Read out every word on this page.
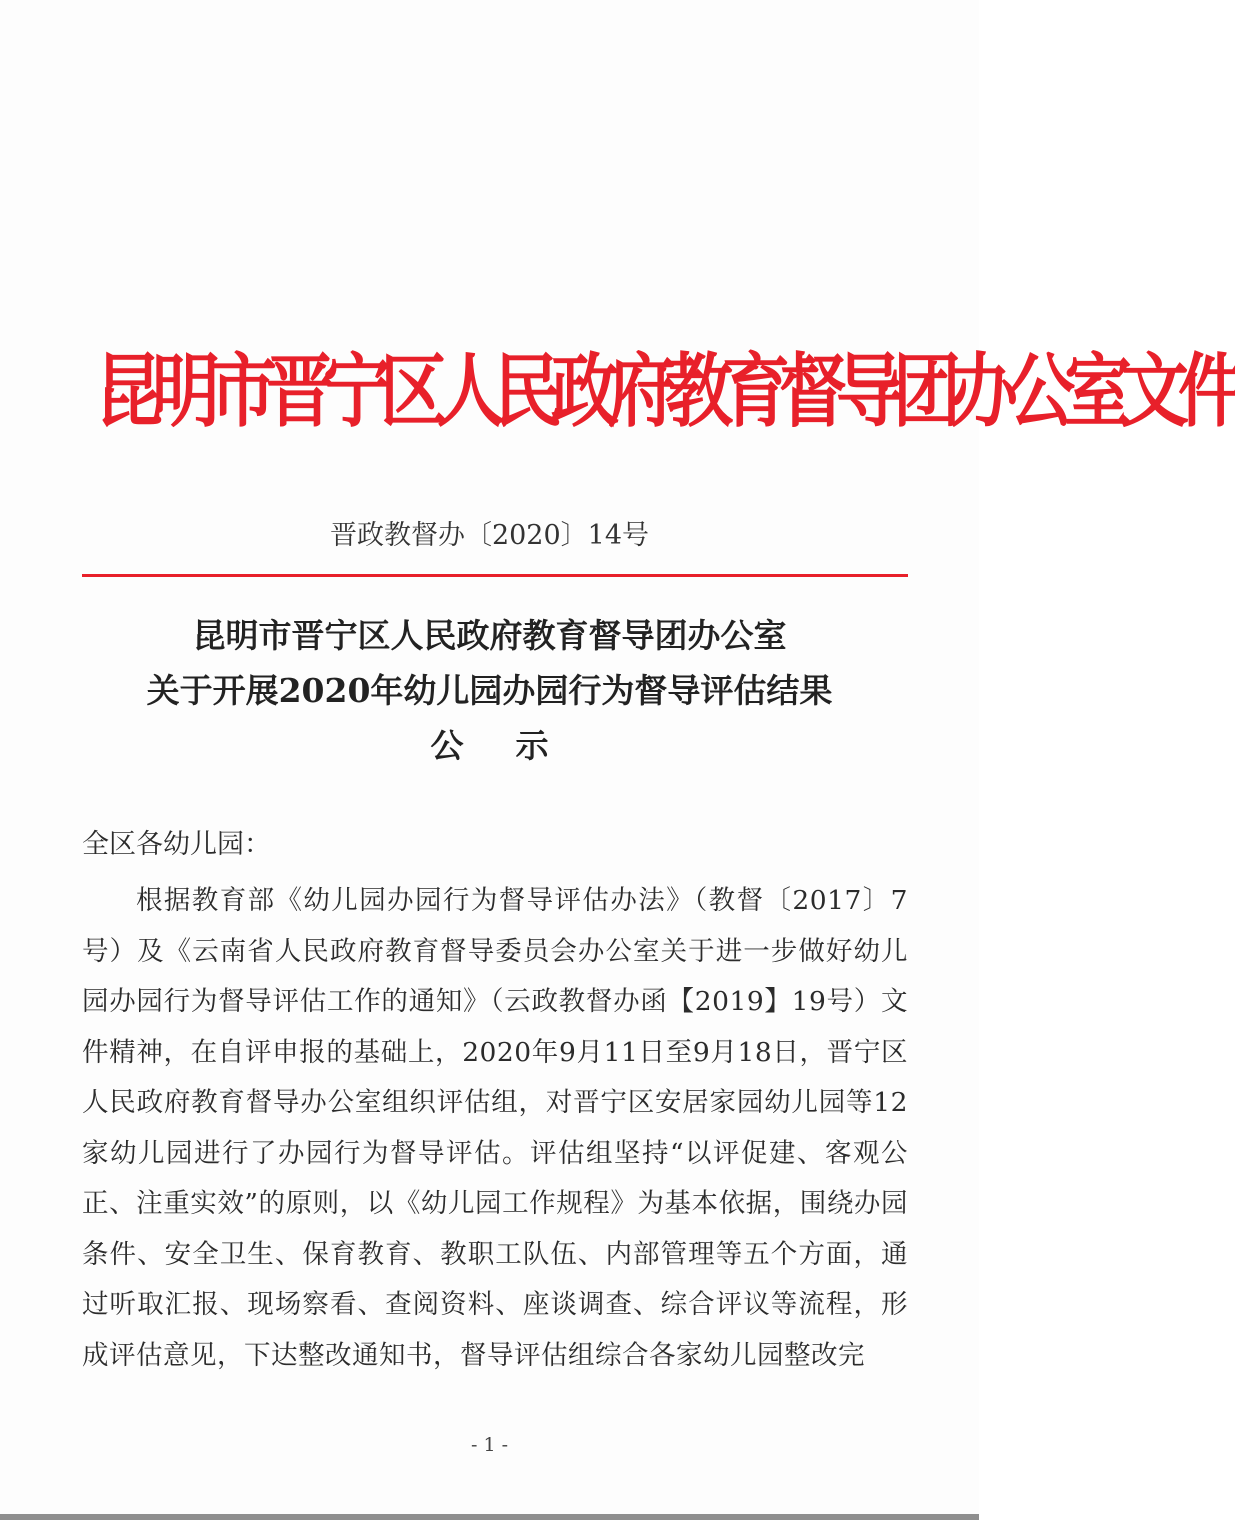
昆明市晋宁区人民政府教育督导团办公室文件
晋政教督办〔2020〕14号
昆明市晋宁区人民政府教育督导团办公室
关于开展2020年幼儿园办园行为督导评估结果
公示
全区各幼儿园：
根据教育部《幼儿园办园行为督导评估办法》（教督〔2017〕7号）及《云南省人民政府教育督导委员会办公室关于进一步做好幼儿园办园行为督导评估工作的通知》（云政教督办函【2019】19号）文件精神，在自评申报的基础上，2020年9月11日至9月18日，晋宁区人民政府教育督导办公室组织评估组，对晋宁区安居家园幼儿园等12家幼儿园进行了办园行为督导评估。评估组坚持“以评促建、客观公正、注重实效”的原则，以《幼儿园工作规程》为基本依据，围绕办园条件、安全卫生、保育教育、教职工队伍、内部管理等五个方面，通过听取汇报、现场察看、查阅资料、座谈调查、综合评议等流程，形成评估意见，下达整改通知书，督导评估组综合各家幼儿园整改完
- 1 -
